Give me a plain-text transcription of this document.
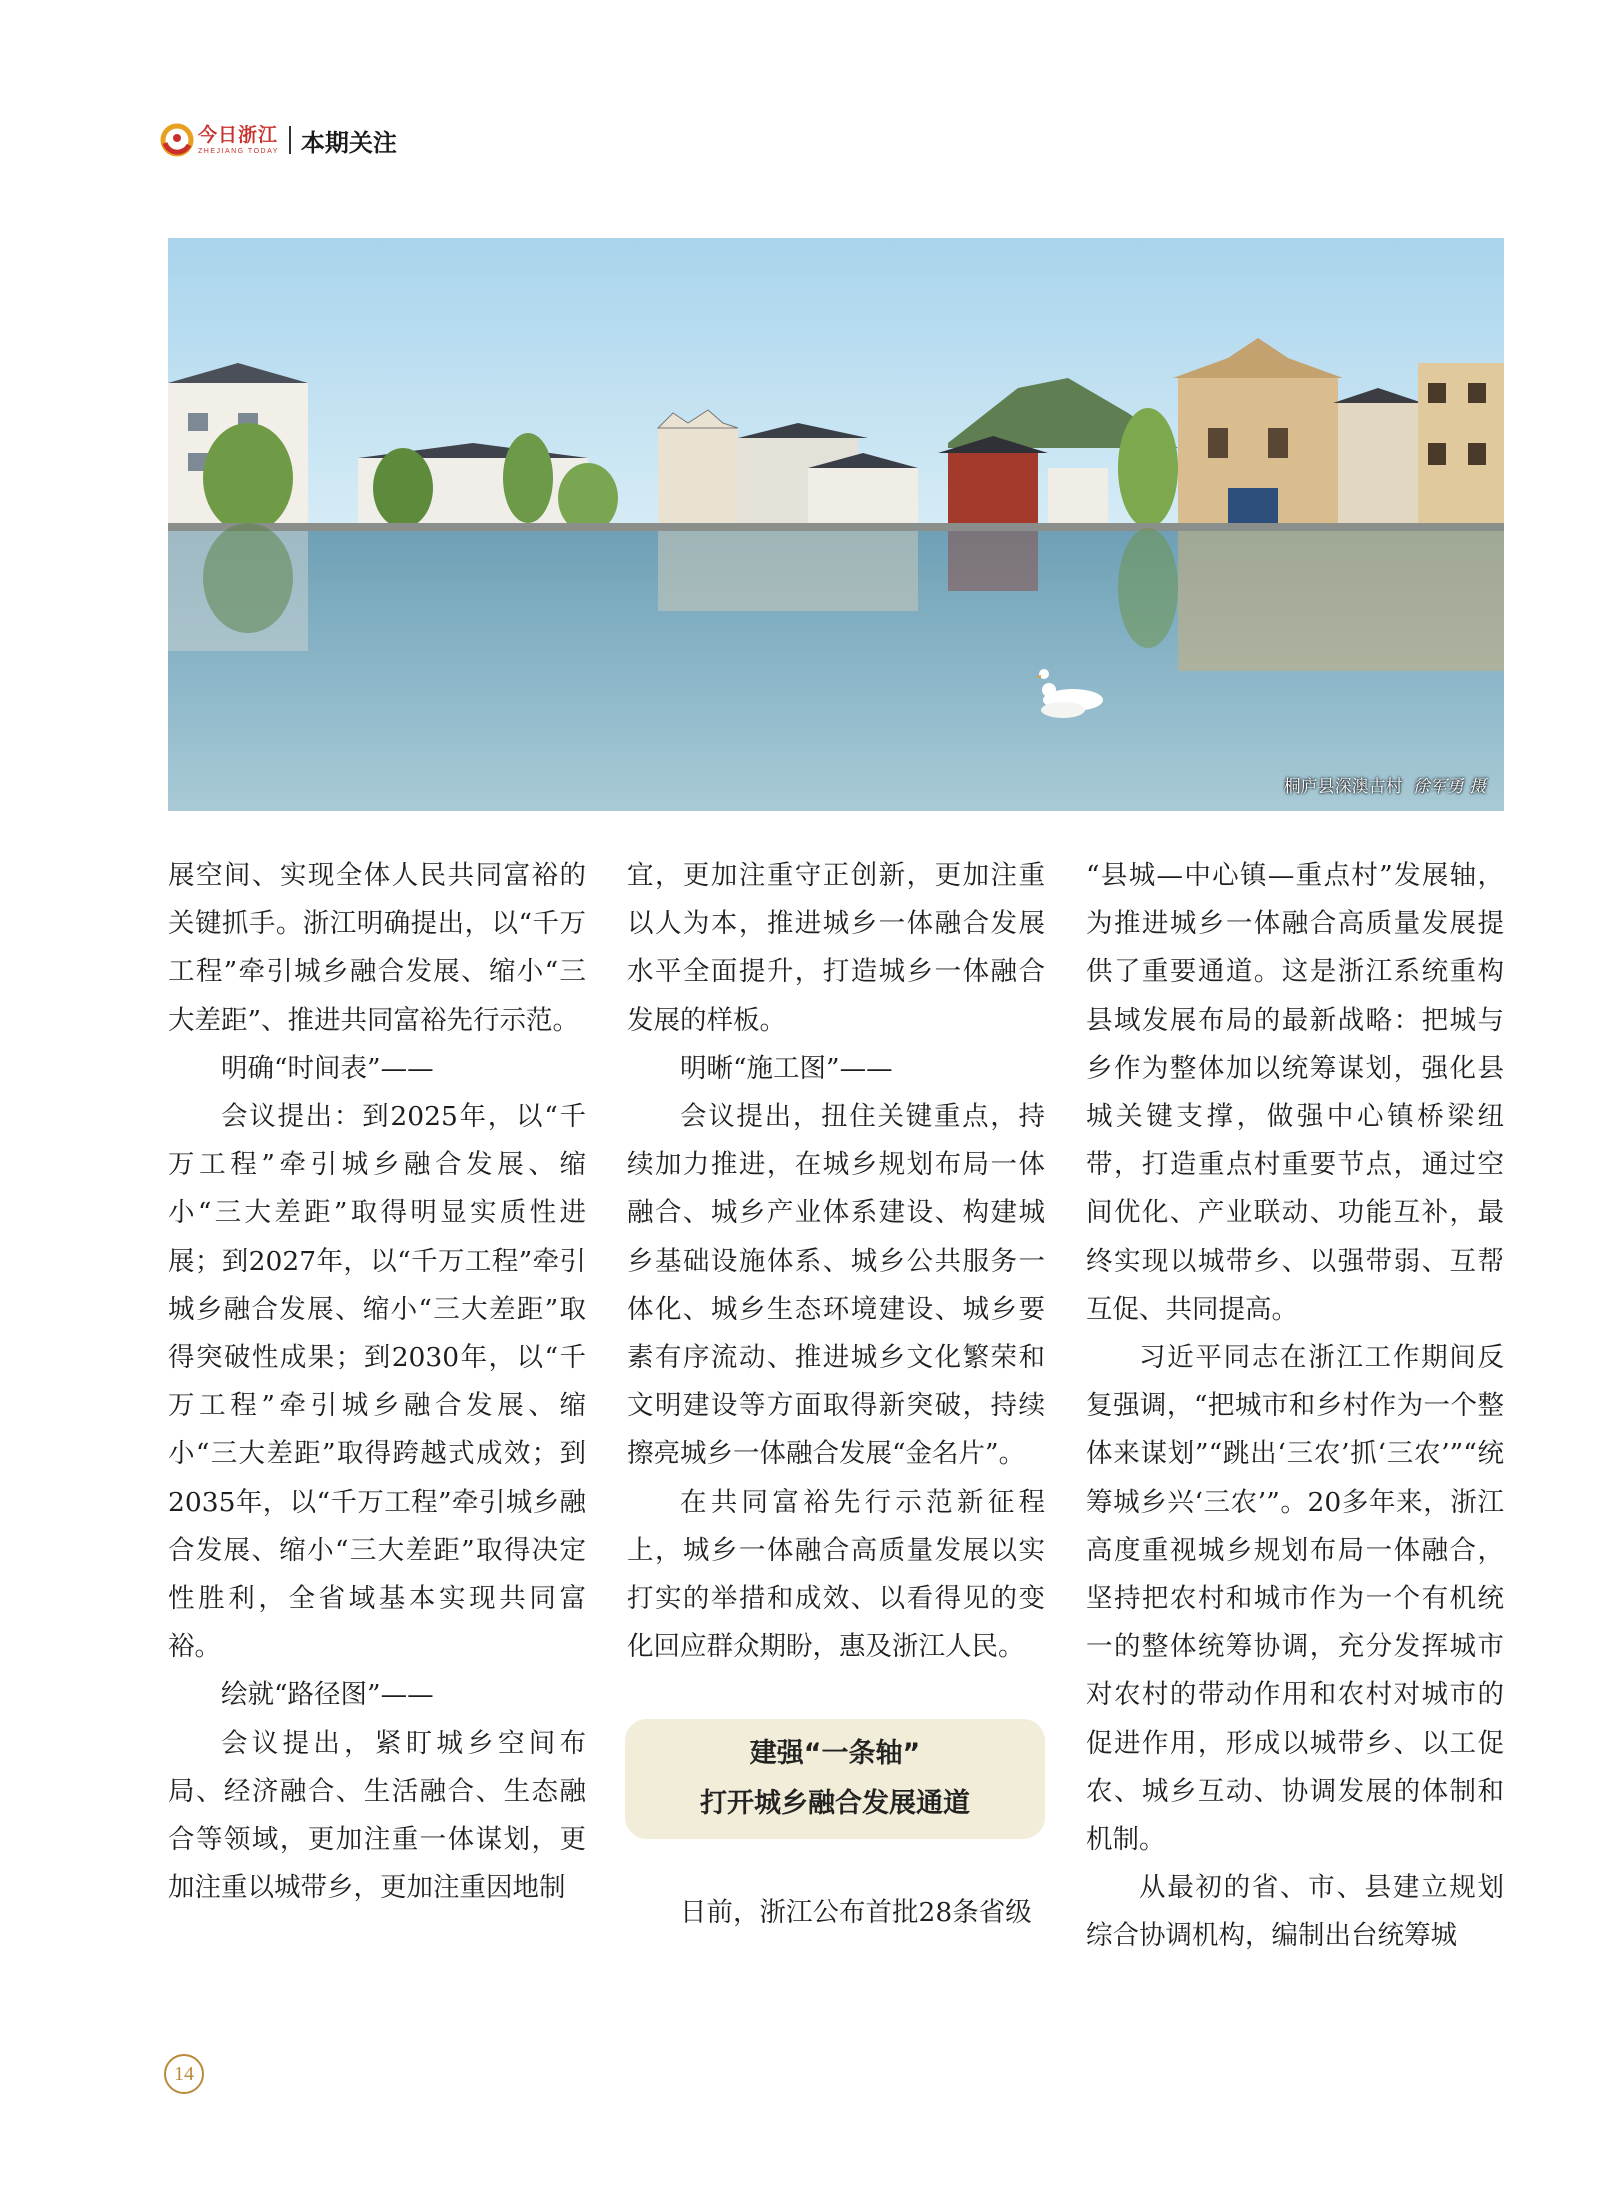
今日浙江
ZHEJIANG TODAY 本期关注
桐庐县深澳古村 徐军勇 摄

展空间、实现全体人民共同富裕的关键抓手。浙江明确提出，以“千万工程”牵引城乡融合发展、缩小“三大差距”、推进共同富裕先行示范。

明确“时间表”——

会议提出：到2025年，以“千万工程”牵引城乡融合发展、缩小“三大差距”取得明显实质性进展；到2027年，以“千万工程”牵引城乡融合发展、缩小“三大差距”取得突破性成果；到2030年，以“千万工程”牵引城乡融合发展、缩小“三大差距”取得跨越式成效；到2035年，以“千万工程”牵引城乡融合发展、缩小“三大差距”取得决定性胜利，全省域基本实现共同富裕。

绘就“路径图”——

会议提出，紧盯城乡空间布局、经济融合、生活融合、生态融合等领域，更加注重一体谋划，更加注重以城带乡，更加注重因地制

宜，更加注重守正创新，更加注重以人为本，推进城乡一体融合发展水平全面提升，打造城乡一体融合发展的样板。

明晰“施工图”——

会议提出，扭住关键重点，持续加力推进，在城乡规划布局一体融合、城乡产业体系建设、构建城乡基础设施体系、城乡公共服务一体化、城乡生态环境建设、城乡要素有序流动、推进城乡文化繁荣和文明建设等方面取得新突破，持续擦亮城乡一体融合发展“金名片”。

在共同富裕先行示范新征程上，城乡一体融合高质量发展以实打实的举措和成效、以看得见的变化回应群众期盼，惠及浙江人民。

建强“一条轴”
打开城乡融合发展通道

日前，浙江公布首批28条省级

“县城—中心镇—重点村”发展轴，为推进城乡一体融合高质量发展提供了重要通道。这是浙江系统重构县域发展布局的最新战略：把城与乡作为整体加以统筹谋划，强化县城关键支撑，做强中心镇桥梁纽带，打造重点村重要节点，通过空间优化、产业联动、功能互补，最终实现以城带乡、以强带弱、互帮互促、共同提高。

习近平同志在浙江工作期间反复强调，“把城市和乡村作为一个整体来谋划”“跳出‘三农’抓‘三农’”“统筹城乡兴‘三农’”。20多年来，浙江高度重视城乡规划布局一体融合，坚持把农村和城市作为一个有机统一的整体统筹协调，充分发挥城市对农村的带动作用和农村对城市的促进作用，形成以城带乡、以工促农、城乡互动、协调发展的体制和机制。

从最初的省、市、县建立规划综合协调机构，编制出台统筹城

14
